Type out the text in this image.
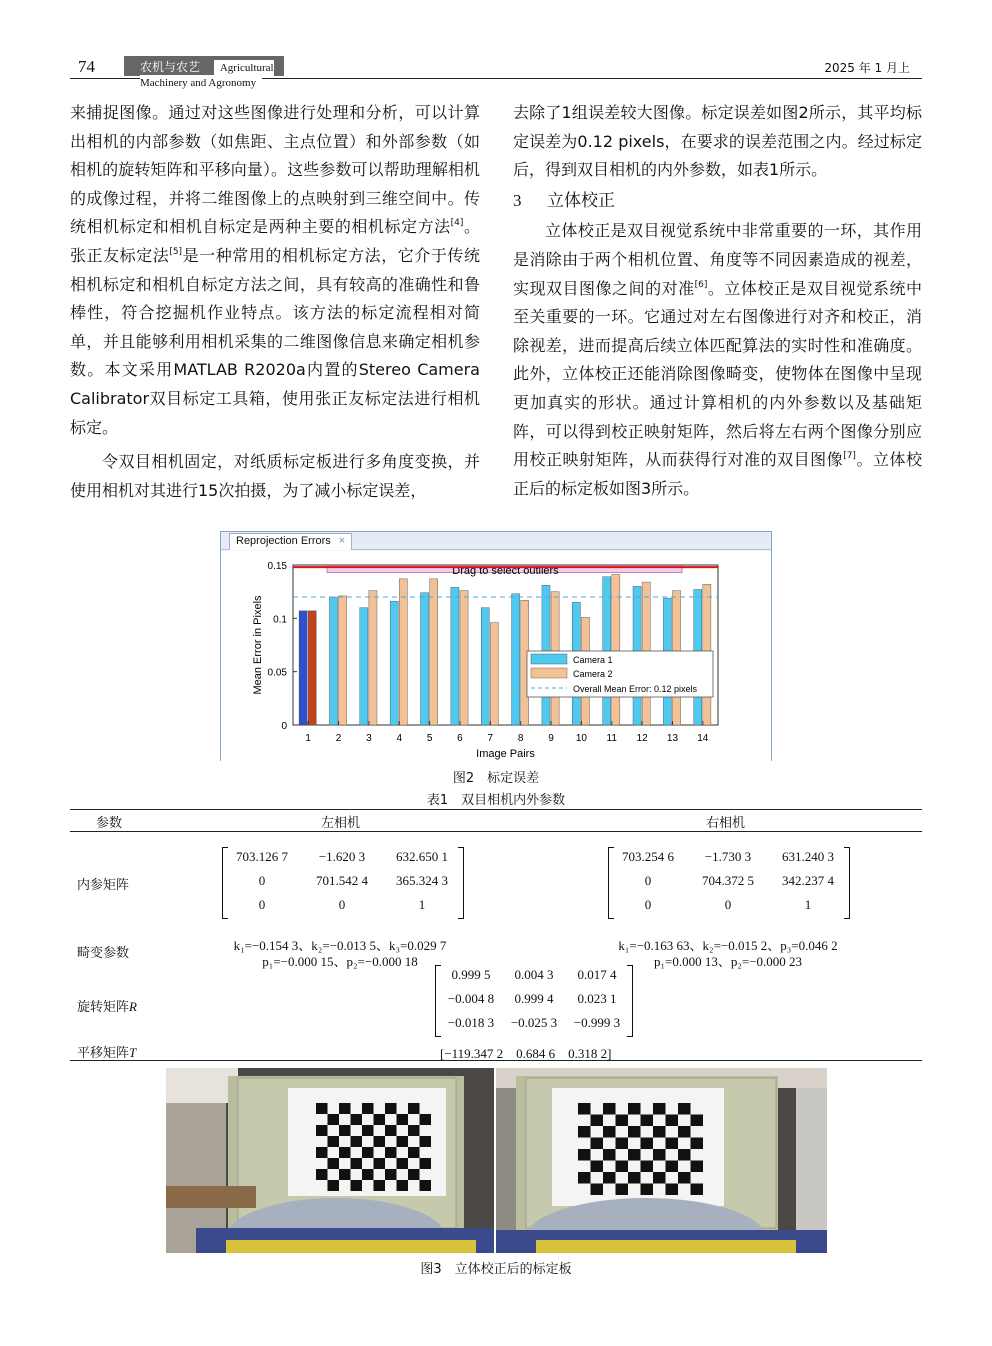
74	农机与农艺 Agricultural Machinery and Agronomy
2025 年 1 月上

来捕捉图像。通过对这些图像进行处理和分析，可以计算出相机的内部参数（如焦距、主点位置）和外部参数（如相机的旋转矩阵和平移向量）。这些参数可以帮助理解相机的成像过程，并将二维图像上的点映射到三维空间中。传统相机标定和相机自标定是两种主要的相机标定方法[4]。张正友标定法[5]是一种常用的相机标定方法，它介于传统相机标定和相机自标定方法之间，具有较高的准确性和鲁棒性，符合挖掘机作业特点。该方法的标定流程相对简单，并且能够利用相机采集的二维图像信息来确定相机参数。本文采用MATLAB R2020a内置的Stereo Camera Calibrator双目标定工具箱，使用张正友标定法进行相机标定。

令双目相机固定，对纸质标定板进行多角度变换，并使用相机对其进行15次拍摄，为了减小标定误差，

去除了1组误差较大图像。标定误差如图2所示，其平均标定误差为0.12 pixels，在要求的误差范围之内。经过标定后，得到双目相机的内外参数，如表1所示。

3 立体校正

立体校正是双目视觉系统中非常重要的一环，其作用是消除由于两个相机位置、角度等不同因素造成的视差，实现双目图像之间的对准[6]。立体校正是双目视觉系统中至关重要的一环。它通过对左右图像进行对齐和校正，消除视差，进而提高后续立体匹配算法的实时性和准确度。此外，立体校正还能消除图像畸变，使物体在图像中呈现更加真实的形状。通过计算相机的内外参数以及基础矩阵，可以得到校正映射矩阵，然后将左右两个图像分别应用校正映射矩阵，从而获得行对准的双目图像[7]。立体校正后的标定板如图3所示。

Reprojection Errors ×
0
0.05
0.1
0.15	Drag to select outliers
1 2 3 4 5 6 7 8 9 10 11 12 13 14
Image Pairs
Mean Error in Pixels	Camera 1
Camera 2
Overall Mean Error: 0.12 pixels
图2　标定误差
表1　双目相机内外参数
参数	左相机	右相机
内参矩阵
703.126 7	−1.620 3	632.650 1
0	701.542 4	365.324 3
0	0	1
703.254 6	−1.730 3	631.240 3
0	704.372 5	342.237 4
0	0	1
畸变参数
k₁=−0.154 3、k₂=−0.013 5、k₃=0.029 7
p₁=−0.000 15、p₂=−0.000 18
k₁=−0.163 63、k₂=−0.015 2、p₃=0.046 2
p₁=0.000 13、p₂=−0.000 23
旋转矩阵R
0.999 5	0.004 3	0.017 4
−0.004 8	0.999 4	0.023 1
−0.018 3	−0.025 3	−0.999 3
平移矩阵T	[−119.347 2　0.684 6　0.318 2]
图3　立体校正后的标定板
